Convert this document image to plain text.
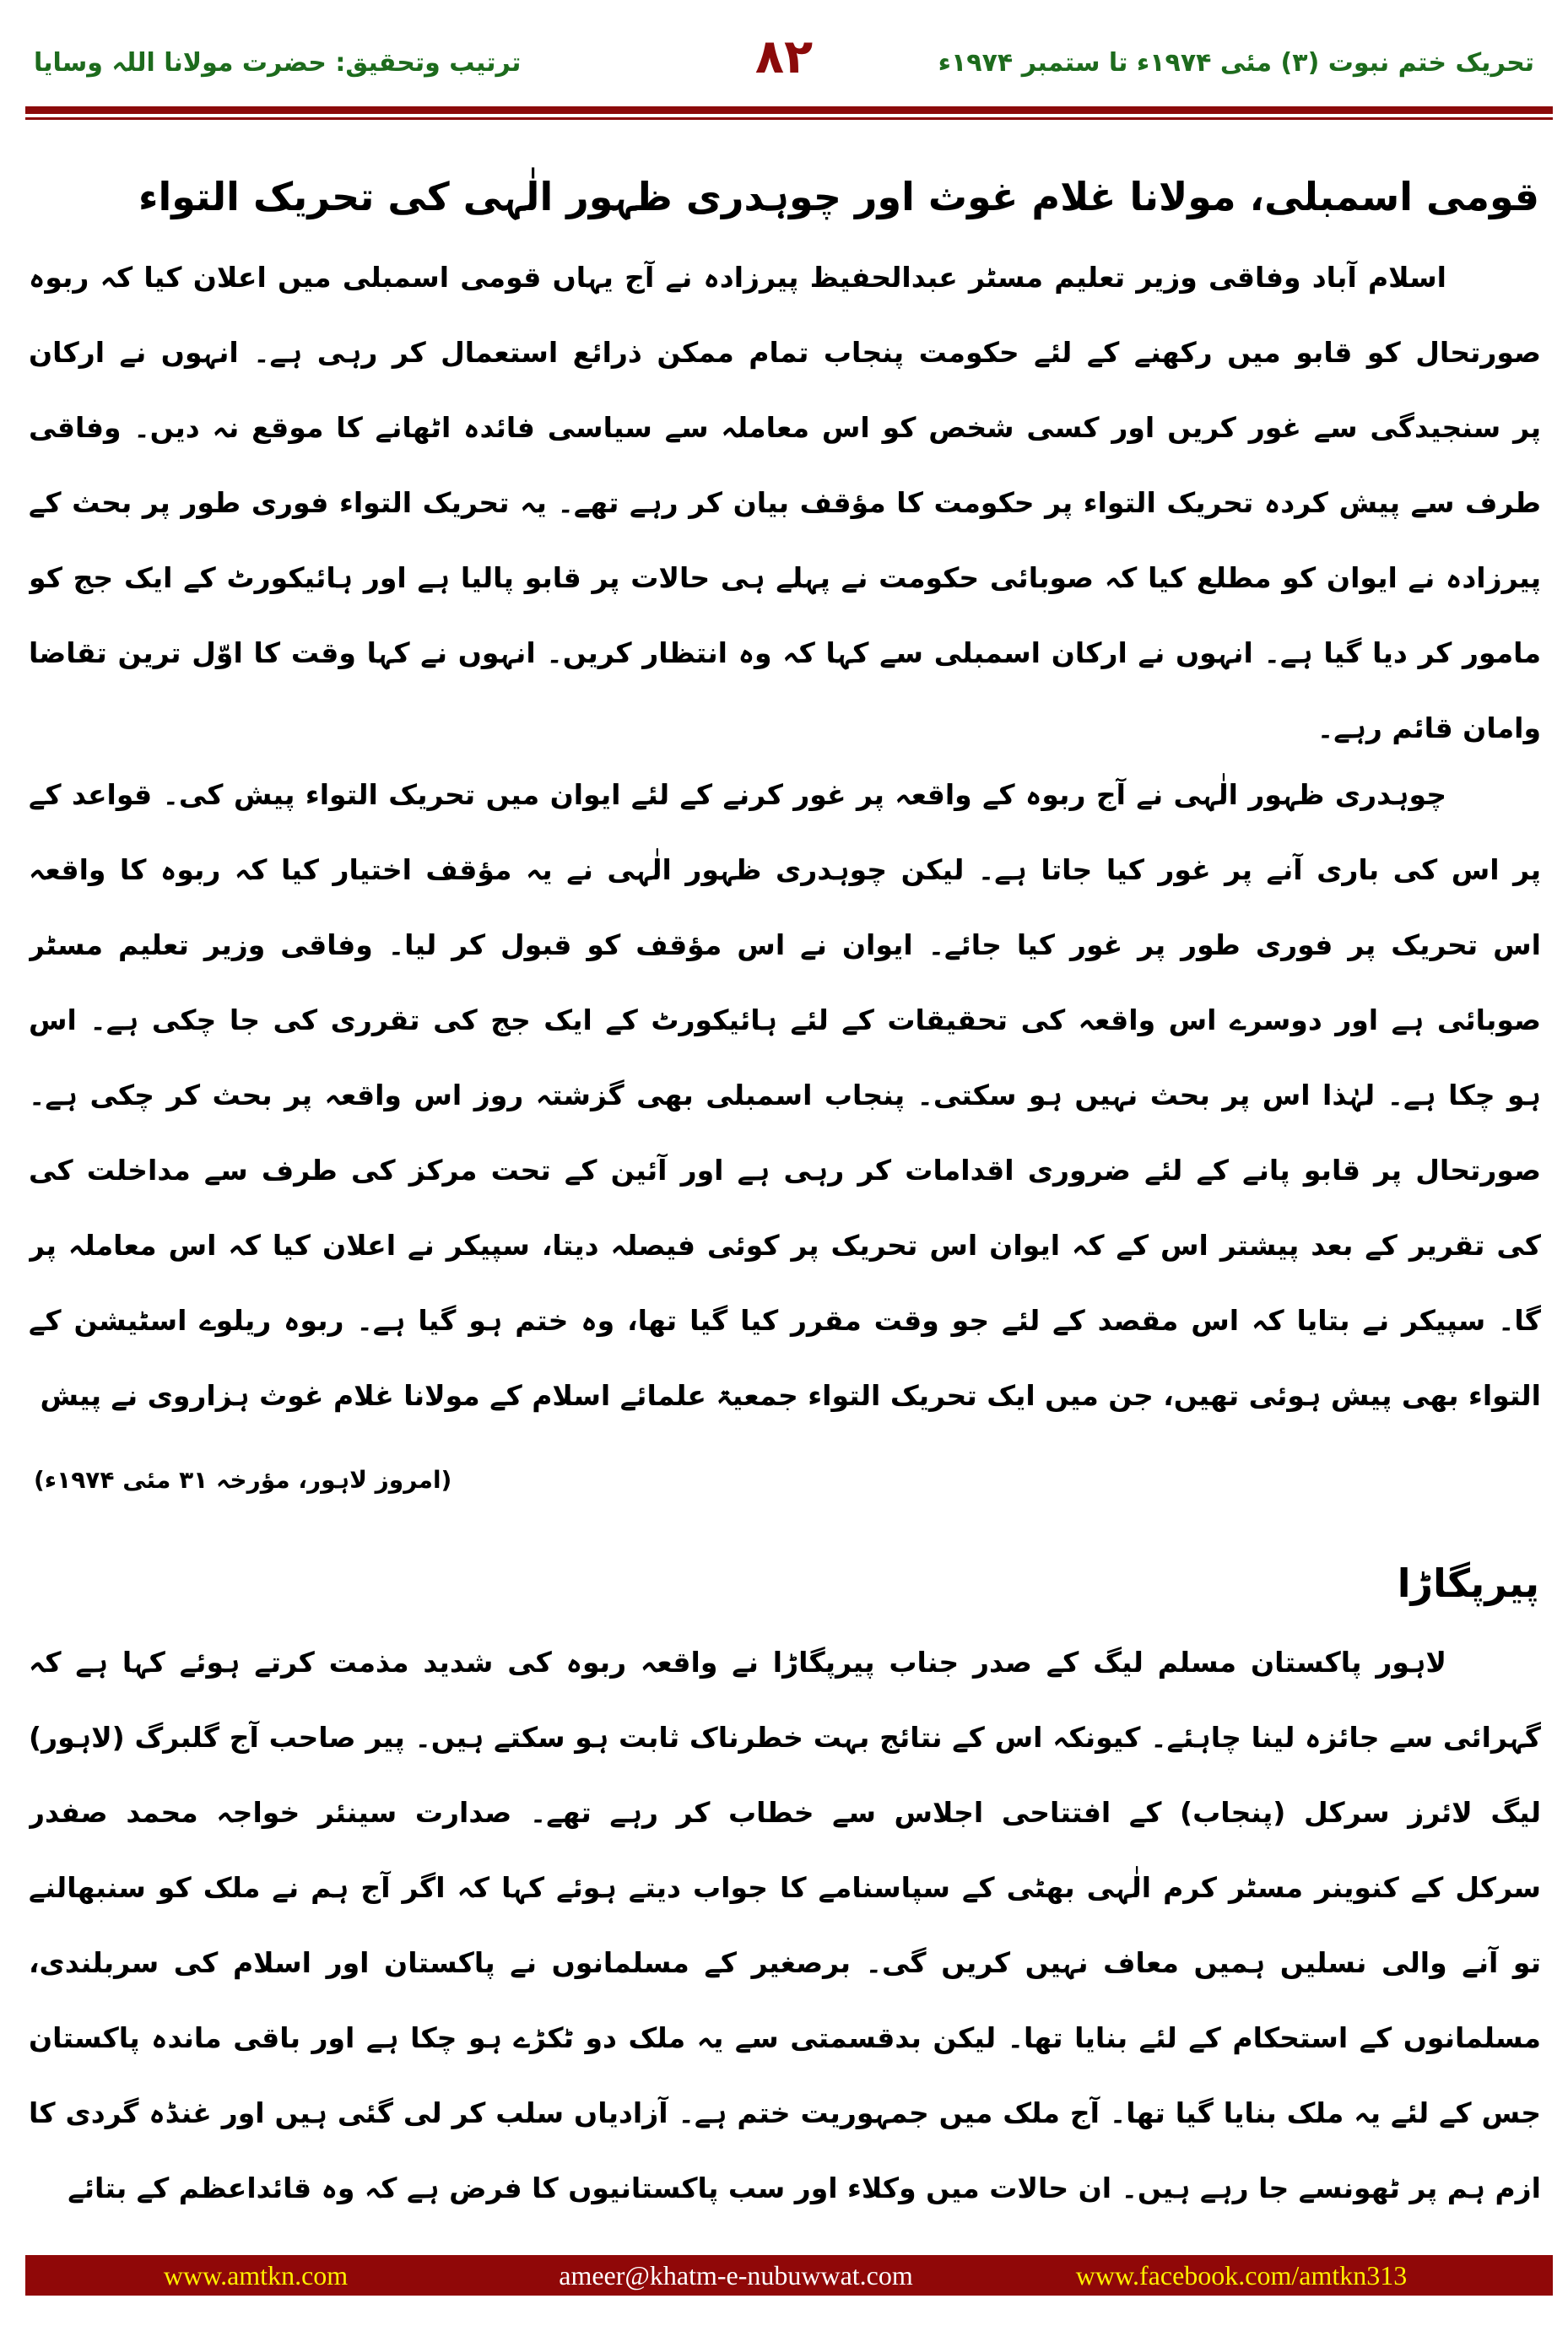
تحریک ختم نبوت (۳) مئی ۱۹۷۴ء تا ستمبر ۱۹۷۴ء
۸۲
ترتیب وتحقیق: حضرت مولانا اللہ وسایا
قومی اسمبلی، مولانا غلام غوث اور چوہدری ظہور الٰہی کی تحریک التواء
اسلام آباد وفاقی وزیر تعلیم مسٹر عبدالحفیظ پیرزادہ نے آج یہاں قومی اسمبلی میں اعلان کیا کہ ربوہ
صورتحال کو قابو میں رکھنے کے لئے حکومت پنجاب تمام ممکن ذرائع استعمال کر رہی ہے۔ انہوں نے ارکان
پر سنجیدگی سے غور کریں اور کسی شخص کو اس معاملہ سے سیاسی فائدہ اٹھانے کا موقع نہ دیں۔ وفاقی
طرف سے پیش کردہ تحریک التواء پر حکومت کا مؤقف بیان کر رہے تھے۔ یہ تحریک التواء فوری طور پر بحث کے
پیرزادہ نے ایوان کو مطلع کیا کہ صوبائی حکومت نے پہلے ہی حالات پر قابو پالیا ہے اور ہائیکورٹ کے ایک جج کو
مامور کر دیا گیا ہے۔ انہوں نے ارکان اسمبلی سے کہا کہ وہ انتظار کریں۔ انہوں نے کہا وقت کا اوّل ترین تقاضا
وامان قائم رہے۔
چوہدری ظہور الٰہی نے آج ربوہ کے واقعہ پر غور کرنے کے لئے ایوان میں تحریک التواء پیش کی۔ قواعد کے
پر اس کی باری آنے پر غور کیا جاتا ہے۔ لیکن چوہدری ظہور الٰہی نے یہ مؤقف اختیار کیا کہ ربوہ کا واقعہ
اس تحریک پر فوری طور پر غور کیا جائے۔ ایوان نے اس مؤقف کو قبول کر لیا۔ وفاقی وزیر تعلیم مسٹر
صوبائی ہے اور دوسرے اس واقعہ کی تحقیقات کے لئے ہائیکورٹ کے ایک جج کی تقرری کی جا چکی ہے۔ اس
ہو چکا ہے۔ لہٰذا اس پر بحث نہیں ہو سکتی۔ پنجاب اسمبلی بھی گزشتہ روز اس واقعہ پر بحث کر چکی ہے۔
صورتحال پر قابو پانے کے لئے ضروری اقدامات کر رہی ہے اور آئین کے تحت مرکز کی طرف سے مداخلت کی
کی تقریر کے بعد پیشتر اس کے کہ ایوان اس تحریک پر کوئی فیصلہ دیتا، سپیکر نے اعلان کیا کہ اس معاملہ پر
گا۔ سپیکر نے بتایا کہ اس مقصد کے لئے جو وقت مقرر کیا گیا تھا، وہ ختم ہو گیا ہے۔ ربوہ ریلوے اسٹیشن کے
التواء بھی پیش ہوئی تھیں، جن میں ایک تحریک التواء جمعیۃ علمائے اسلام کے مولانا غلام غوث ہزاروی نے پیش
(امروز لاہور، مؤرخہ ۳۱ مئی ۱۹۷۴ء)
پیرپگاڑا
لاہور پاکستان مسلم لیگ کے صدر جناب پیرپگاڑا نے واقعہ ربوہ کی شدید مذمت کرتے ہوئے کہا ہے کہ
گہرائی سے جائزہ لینا چاہئے۔ کیونکہ اس کے نتائج بہت خطرناک ثابت ہو سکتے ہیں۔ پیر صاحب آج گلبرگ (لاہور)
لیگ لائرز سرکل (پنجاب) کے افتتاحی اجلاس سے خطاب کر رہے تھے۔ صدارت سینئر خواجہ محمد صفدر
سرکل کے کنوینر مسٹر کرم الٰہی بھٹی کے سپاسنامے کا جواب دیتے ہوئے کہا کہ اگر آج ہم نے ملک کو سنبھالنے
تو آنے والی نسلیں ہمیں معاف نہیں کریں گی۔ برصغیر کے مسلمانوں نے پاکستان اور اسلام کی سربلندی،
مسلمانوں کے استحکام کے لئے بنایا تھا۔ لیکن بدقسمتی سے یہ ملک دو ٹکڑے ہو چکا ہے اور باقی ماندہ پاکستان
جس کے لئے یہ ملک بنایا گیا تھا۔ آج ملک میں جمہوریت ختم ہے۔ آزادیاں سلب کر لی گئی ہیں اور غنڈہ گردی کا
ازم ہم پر ٹھونسے جا رہے ہیں۔ ان حالات میں وکلاء اور سب پاکستانیوں کا فرض ہے کہ وہ قائداعظم کے بتائے
www.amtkn.com	ameer@khatm-e-nubuwwat.com	www.facebook.com/amtkn313
